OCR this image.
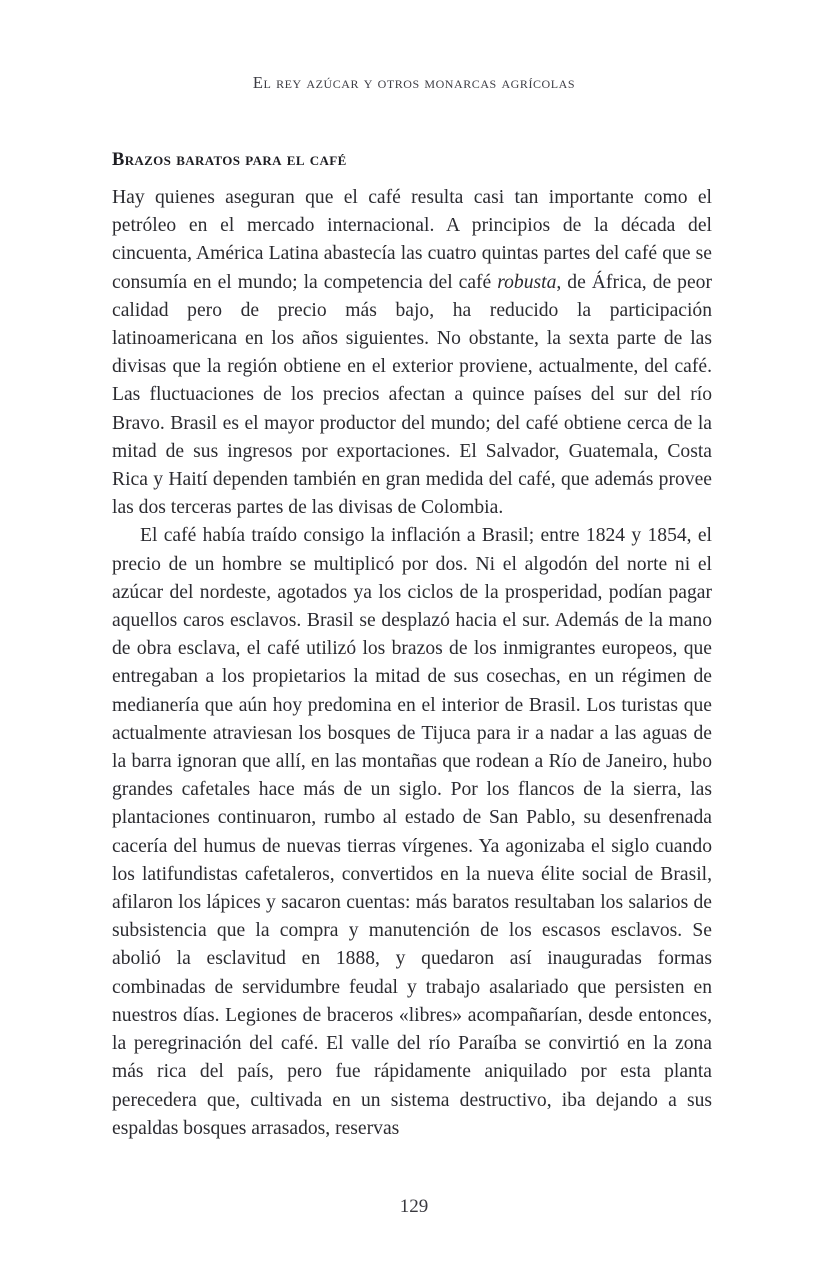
El rey azúcar y otros monarcas agrícolas
Brazos baratos para el café

Hay quienes aseguran que el café resulta casi tan importante como el petróleo en el mercado internacional. A principios de la década del cincuenta, América Latina abastecía las cuatro quintas partes del café que se consumía en el mundo; la competencia del café robusta, de África, de peor calidad pero de precio más bajo, ha reducido la participación latinoamericana en los años siguientes. No obstante, la sexta parte de las divisas que la región obtiene en el exterior proviene, actualmente, del café. Las fluctuaciones de los precios afectan a quince países del sur del río Bravo. Brasil es el mayor productor del mundo; del café obtiene cerca de la mitad de sus ingresos por exportaciones. El Salvador, Guatemala, Costa Rica y Haití dependen también en gran medida del café, que además provee las dos terceras partes de las divisas de Colombia.

El café había traído consigo la inflación a Brasil; entre 1824 y 1854, el precio de un hombre se multiplicó por dos. Ni el algodón del norte ni el azúcar del nordeste, agotados ya los ciclos de la prosperidad, podían pagar aquellos caros esclavos. Brasil se desplazó hacia el sur. Además de la mano de obra esclava, el café utilizó los brazos de los inmigrantes europeos, que entregaban a los propietarios la mitad de sus cosechas, en un régimen de medianería que aún hoy predomina en el interior de Brasil. Los turistas que actualmente atraviesan los bosques de Tijuca para ir a nadar a las aguas de la barra ignoran que allí, en las montañas que rodean a Río de Janeiro, hubo grandes cafetales hace más de un siglo. Por los flancos de la sierra, las plantaciones continuaron, rumbo al estado de San Pablo, su desenfrenada cacería del humus de nuevas tierras vírgenes. Ya agonizaba el siglo cuando los latifundistas cafetaleros, convertidos en la nueva élite social de Brasil, afilaron los lápices y sacaron cuentas: más baratos resultaban los salarios de subsistencia que la compra y manutención de los escasos esclavos. Se abolió la esclavitud en 1888, y quedaron así inauguradas formas combinadas de servidumbre feudal y trabajo asalariado que persisten en nuestros días. Legiones de braceros «libres» acompañarían, desde entonces, la peregrinación del café. El valle del río Paraíba se convirtió en la zona más rica del país, pero fue rápidamente aniquilado por esta planta perecedera que, cultivada en un sistema destructivo, iba dejando a sus espaldas bosques arrasados, reservas

129
